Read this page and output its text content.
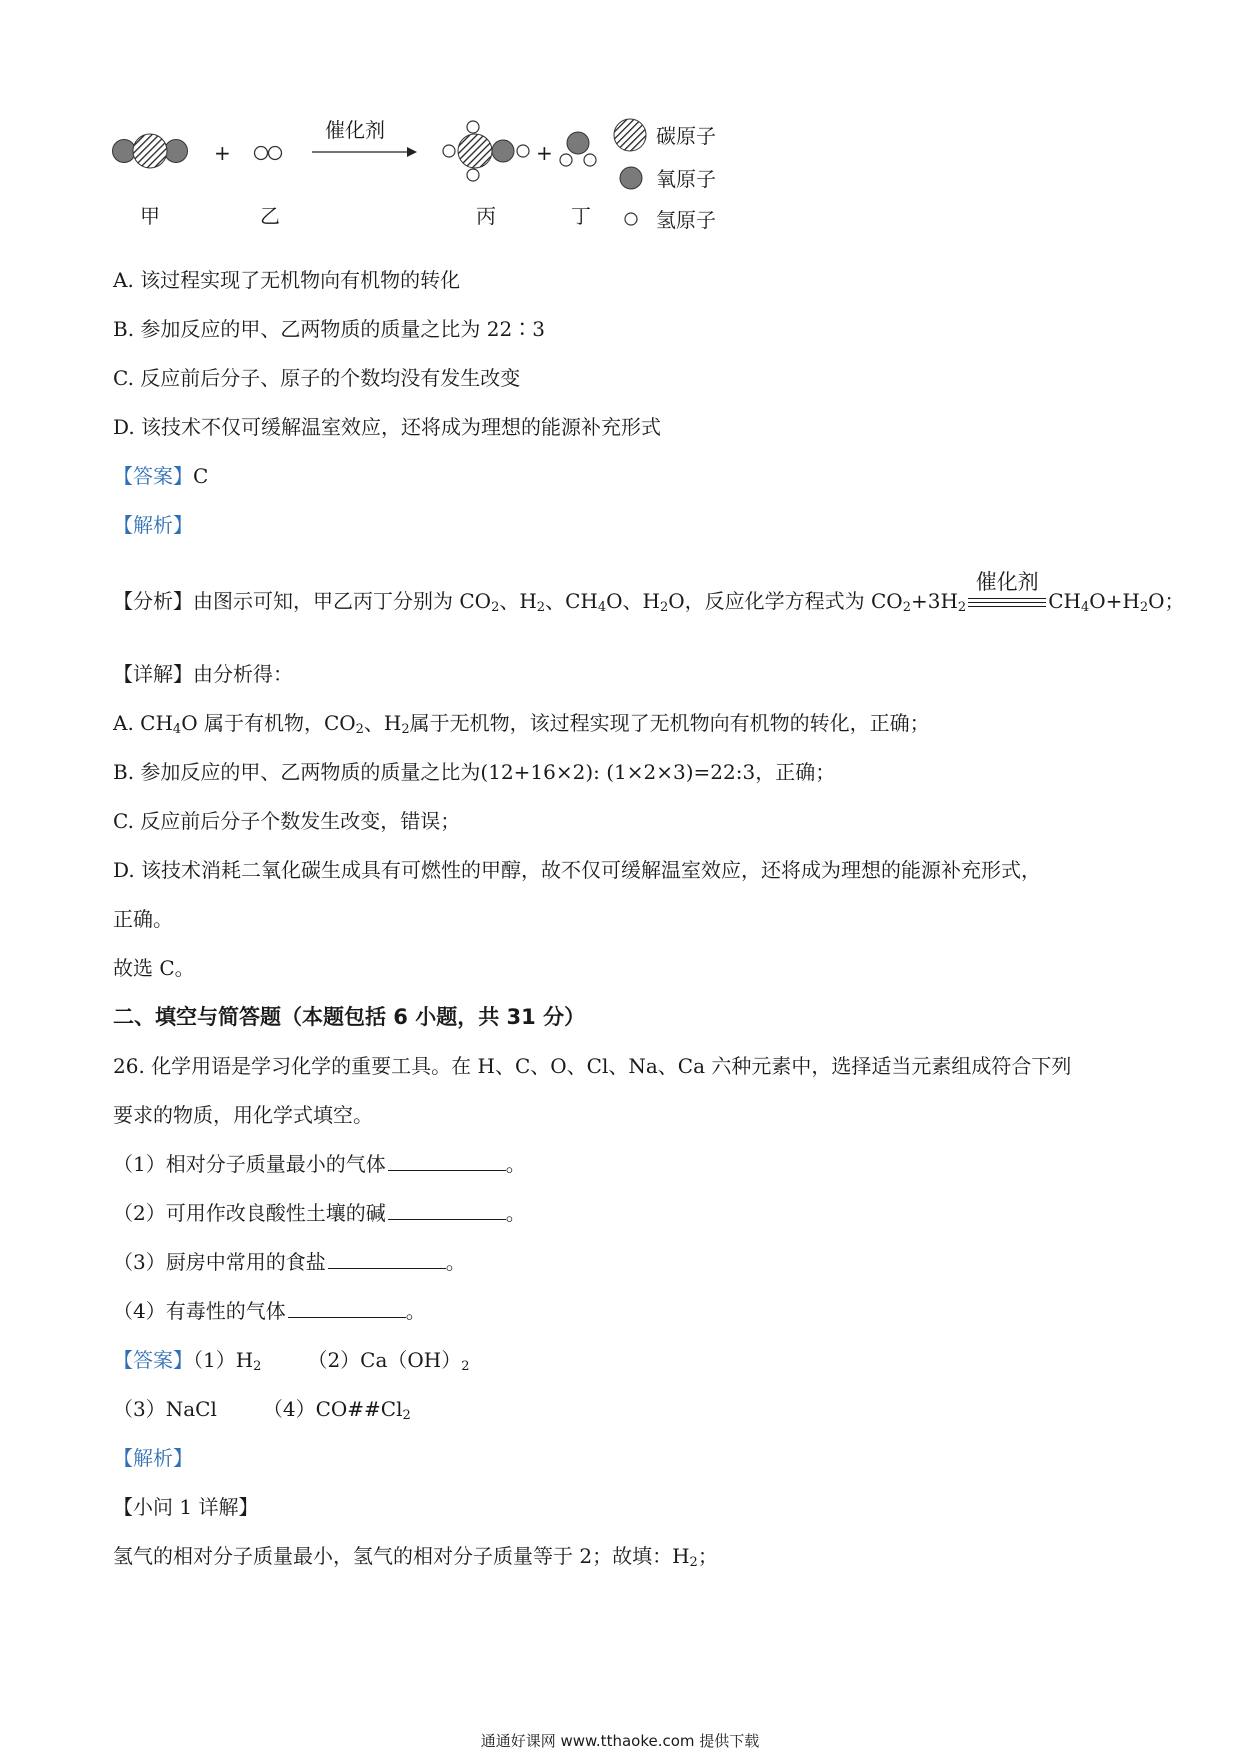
+
催化剂
+
甲	乙	丙	丁
碳原子
氧原子
氢原子
A. 该过程实现了无机物向有机物的转化
B. 参加反应的甲、乙两物质的质量之比为 22∶3
C. 反应前后分子、原子的个数均没有发生改变
D. 该技术不仅可缓解温室效应，还将成为理想的能源补充形式
【答案】C
【解析】
【分析】由图示可知，甲乙丙丁分别为 $CO_2$、$H_2$、$CH_4O$、$H_2O$，反应化学方程式为 $CO_2+3H_2$
催化剂
$CH_4O+H_2O$；
【详解】由分析得：
A. $CH_4O$ 属于有机物，$CO_2$、$H_2$属于无机物，该过程实现了无机物向有机物的转化，正确；
B. 参加反应的甲、乙两物质的质量之比为(12+16×2): (1×2×3)=22:3，正确；
C. 反应前后分子个数发生改变，错误；
D. 该技术消耗二氧化碳生成具有可燃性的甲醇，故不仅可缓解温室效应，还将成为理想的能源补充形式，
正确。
故选 C。
二、填空与简答题（本题包括 6 小题，共 31 分）
26. 化学用语是学习化学的重要工具。在 H、C、O、Cl、Na、Ca 六种元素中，选择适当元素组成符合下列
要求的物质，用化学式填空。
（1）相对分子质量最小的气体	。
（2）可用作改良酸性土壤的碱	。
（3）厨房中常用的食盐	。
（4）有毒性的气体	。
【答案】$(1)H_2$ $(2)Ca(OH)_2$
（3）NaCl $(4)CO\#\#Cl_2$
【解析】
【小问 1 详解】
氢气的相对分子质量最小，氢气的相对分子质量等于 2；故填：$H_2$；
通通好课网 www.tthaoke.com 提供下载
